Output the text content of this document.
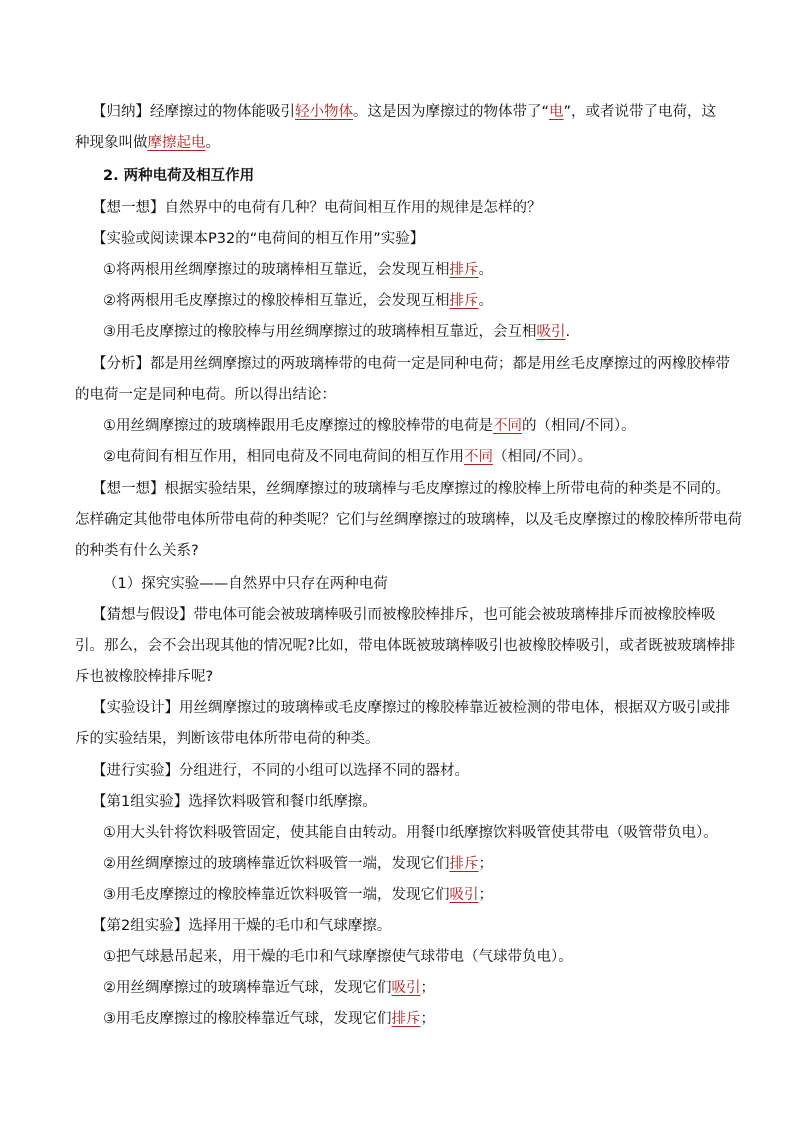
【归纳】经摩擦过的物体能吸引轻小物体。这是因为摩擦过的物体带了“电”，或者说带了电荷，这
种现象叫做摩擦起电。
2. 两种电荷及相互作用
【想一想】自然界中的电荷有几种？电荷间相互作用的规律是怎样的？
【实验或阅读课本P32的“电荷间的相互作用”实验】
①将两根用丝绸摩擦过的玻璃棒相互靠近，会发现互相排斥。
②将两根用毛皮摩擦过的橡胶棒相互靠近，会发现互相排斥。
③用毛皮摩擦过的橡胶棒与用丝绸摩擦过的玻璃棒相互靠近，会互相吸引.
【分析】都是用丝绸摩擦过的两玻璃棒带的电荷一定是同种电荷；都是用丝毛皮摩擦过的两橡胶棒带
的电荷一定是同种电荷。所以得出结论：
①用丝绸摩擦过的玻璃棒跟用毛皮摩擦过的橡胶棒带的电荷是不同的（相同/不同）。
②电荷间有相互作用，相同电荷及不同电荷间的相互作用不同（相同/不同）。
【想一想】根据实验结果，丝绸摩擦过的玻璃棒与毛皮摩擦过的橡胶棒上所带电荷的种类是不同的。
怎样确定其他带电体所带电荷的种类呢？它们与丝绸摩擦过的玻璃棒，以及毛皮摩擦过的橡胶棒所带电荷
的种类有什么关系?
（1）探究实验——自然界中只存在两种电荷
【猜想与假设】带电体可能会被玻璃棒吸引而被橡胶棒排斥，也可能会被玻璃棒排斥而被橡胶棒吸
引。那么，会不会出现其他的情况呢?比如，带电体既被玻璃棒吸引也被橡胶棒吸引，或者既被玻璃棒排
斥也被橡胶棒排斥呢?
【实验设计】用丝绸摩擦过的玻璃棒或毛皮摩擦过的橡胶棒靠近被检测的带电体，根据双方吸引或排
斥的实验结果，判断该带电体所带电荷的种类。
【进行实验】分组进行，不同的小组可以选择不同的器材。
【第1组实验】选择饮料吸管和餐巾纸摩擦。
①用大头针将饮料吸管固定，使其能自由转动。用餐巾纸摩擦饮料吸管使其带电（吸管带负电）。
②用丝绸摩擦过的玻璃棒靠近饮料吸管一端，发现它们排斥；
③用毛皮摩擦过的橡胶棒靠近饮料吸管一端，发现它们吸引；
【第2组实验】选择用干燥的毛巾和气球摩擦。
①把气球悬吊起来，用干燥的毛巾和气球摩擦使气球带电（气球带负电）。
②用丝绸摩擦过的玻璃棒靠近气球，发现它们吸引；
③用毛皮摩擦过的橡胶棒靠近气球，发现它们排斥；
